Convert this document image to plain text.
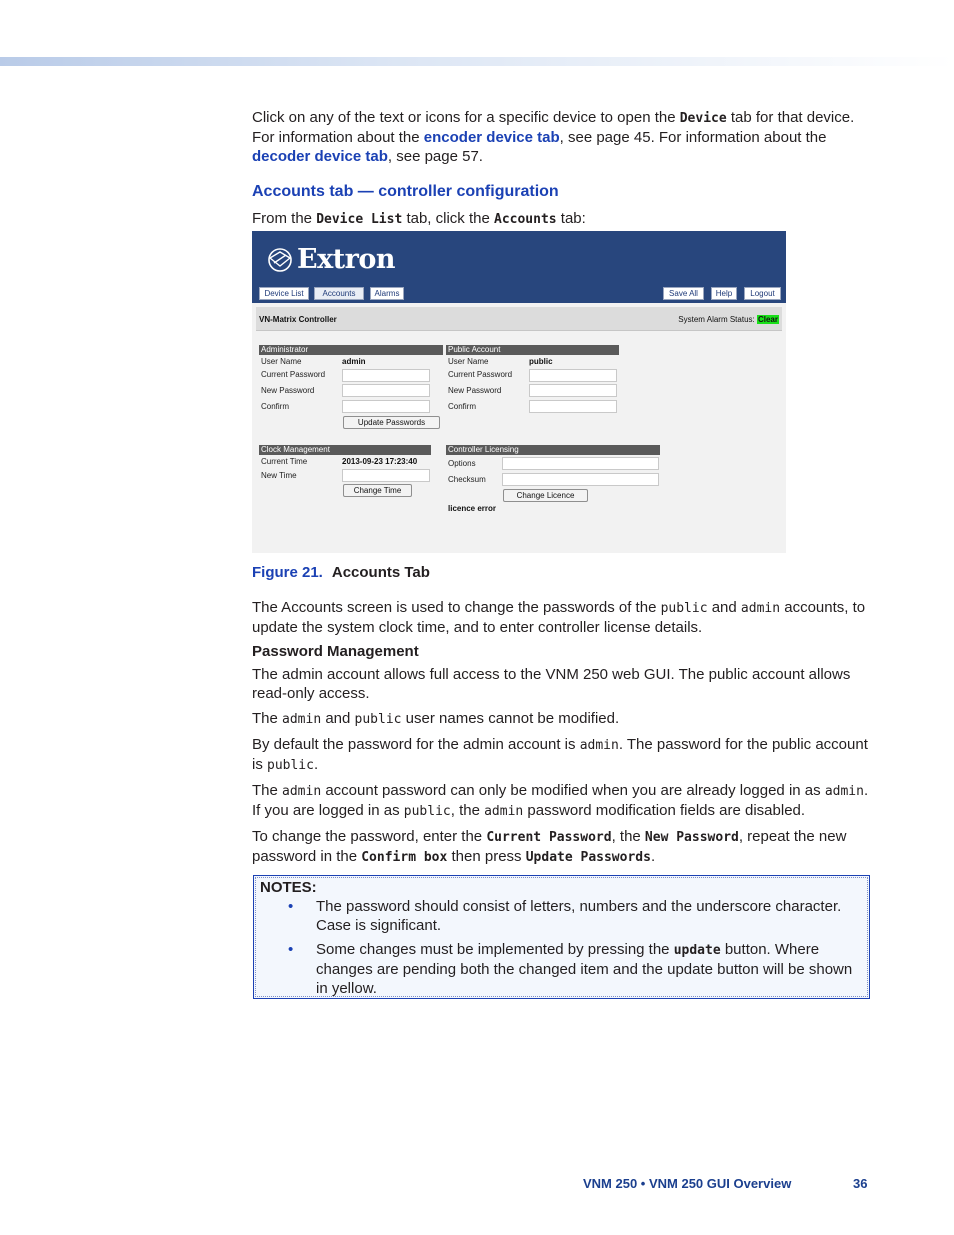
Click on any of the text or icons for a specific device to open the Device tab for that device. For information about the encoder device tab, see page 45. For information about the decoder device tab, see page 57.

Accounts tab — controller configuration

From the Device List tab, click the Accounts tab:

Extron
Device List	Accounts	Alarms	Save All	Help	Logout
VN-Matrix Controller	System Alarm Status: Clear
Administrator
User Name	admin
Current Password
New Password
Confirm
Update Passwords
Public Account
User Name	public
Current Password
New Password
Confirm
Clock Management
Current Time	2013-09-23 17:23:40
New Time
Change Time
Controller Licensing
Options
Checksum
Change Licence
licence error
Figure 21. Accounts Tab

The Accounts screen is used to change the passwords of the public and admin accounts, to update the system clock time, and to enter controller license details.

Password Management

The admin account allows full access to the VNM 250 web GUI. The public account allows read-only access.

The admin and public user names cannot be modified.

By default the password for the admin account is admin. The password for the public account is public.

The admin account password can only be modified when you are already logged in as admin. If you are logged in as public, the admin password modification fields are disabled.

To change the password, enter the Current Password, the New Password, repeat the new password in the Confirm box then press Update Passwords.

NOTES:
• The password should consist of letters, numbers and the underscore character. Case is significant.
• Some changes must be implemented by pressing the update button. Where changes are pending both the changed item and the update button will be shown in yellow.
VNM 250 • VNM 250 GUI Overview	36
